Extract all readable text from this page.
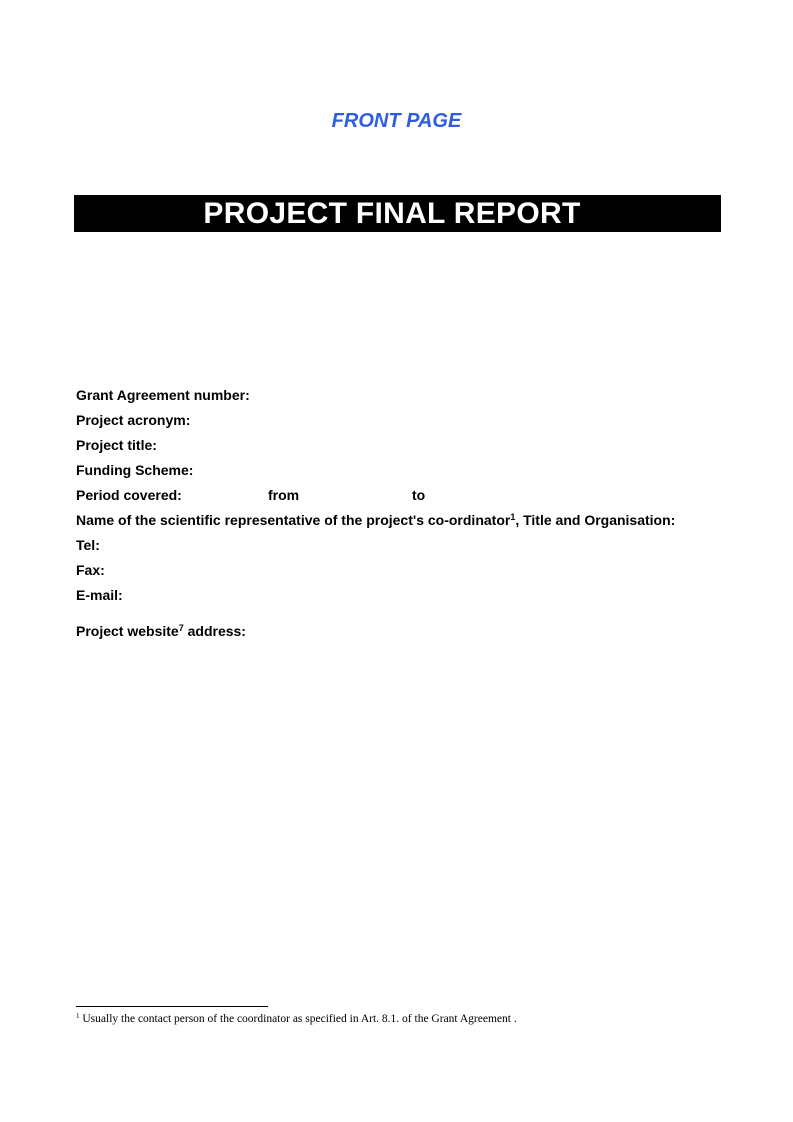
FRONT PAGE
PROJECT FINAL REPORT
Grant Agreement number:
Project acronym:
Project title:
Funding Scheme:
Period covered:	from	to
Name of the scientific representative of the project's co-ordinator$^1$, Title and Organisation:
Tel:
Fax:
E-mail:
Project website$^7$ address:
$^1$ Usually the contact person of the coordinator as specified in Art. 8.1. of the Grant Agreement .
